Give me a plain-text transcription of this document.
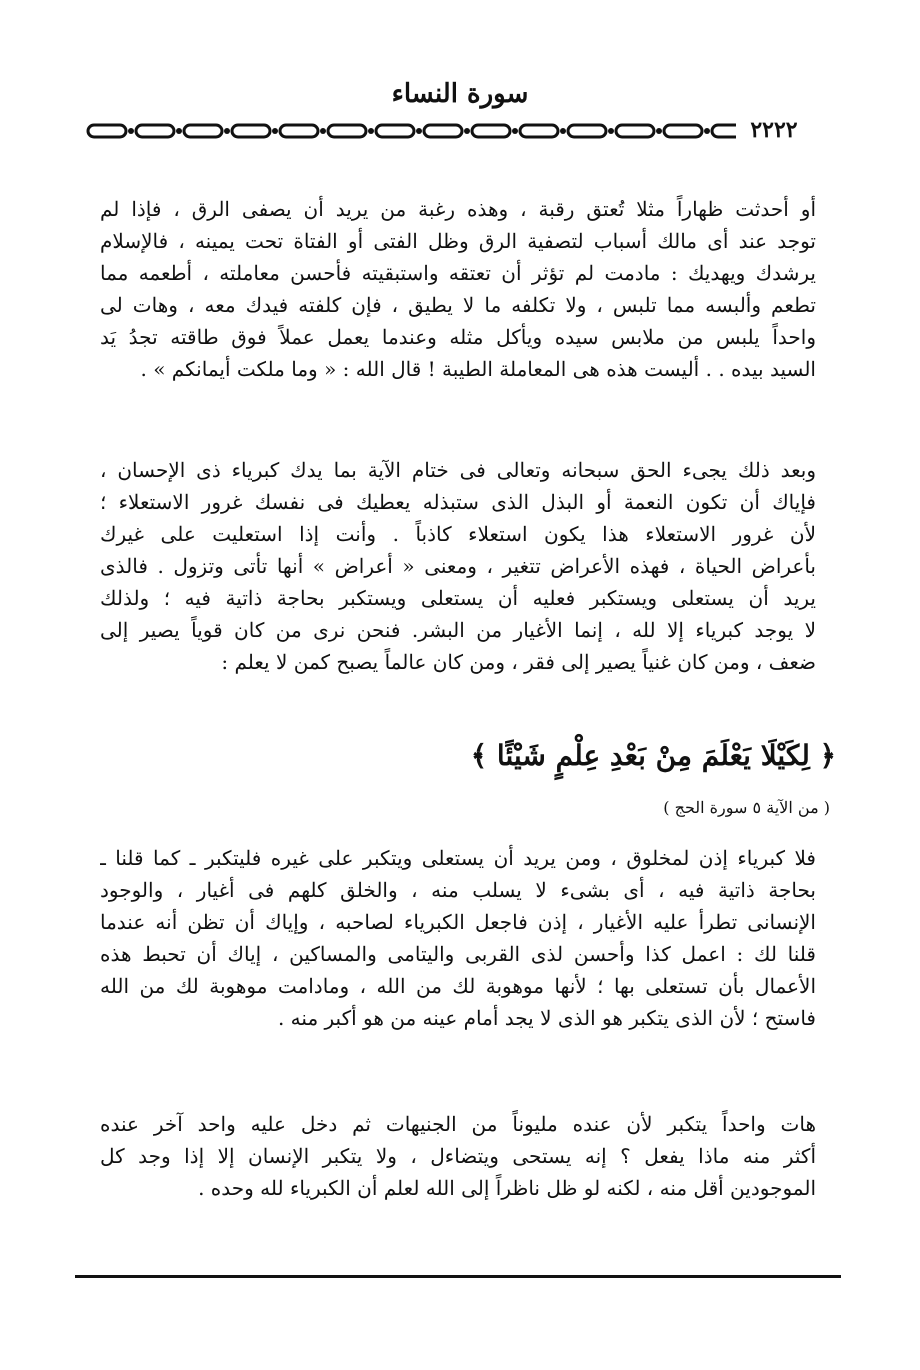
سورة النساء
٢٢٢٢
أو أحدثت ظهاراً مثلا تُعتق رقبة ، وهذه رغبة من يريد أن يصفى الرق ، فإذا لم
توجد عند أى مالك أسباب لتصفية الرق وظل الفتى أو الفتاة تحت يمينه ، فالإسلام
يرشدك ويهديك : مادمت لم تؤثر أن تعتقه واستبقيته فأحسن معاملته ، أطعمه مما
تطعم وألبسه مما تلبس ، ولا تكلفه ما لا يطيق ، فإن كلفته فيدك معه ، وهات لى
واحداً يلبس من ملابس سيده ويأكل مثله وعندما يعمل عملاً فوق طاقته تجدُ يَد
السيد بيده . . أليست هذه هى المعاملة الطيبة ! قال الله : « وما ملكت أيمانكم » .
وبعد ذلك يجىء الحق سبحانه وتعالى فى ختام الآية بما يدك كبرياء ذى الإحسان ،
فإياك أن تكون النعمة أو البذل الذى ستبذله يعطيك فى نفسك غرور الاستعلاء ؛
لأن غرور الاستعلاء هذا يكون استعلاء كاذباً . وأنت إذا استعليت على غيرك
بأعراض الحياة ، فهذه الأعراض تتغير ، ومعنى « أعراض » أنها تأتى وتزول . فالذى
يريد أن يستعلى ويستكبر فعليه أن يستعلى ويستكبر بحاجة ذاتية فيه ؛ ولذلك
لا يوجد كبرياء إلا لله ، إنما الأغيار من البشر. فنحن نرى من كان قوياً يصير إلى
ضعف ، ومن كان غنياً يصير إلى فقر ، ومن كان عالماً يصبح كمن لا يعلم :
﴿ لِكَيْلَا يَعْلَمَ مِنْ بَعْدِ عِلْمٍ شَيْئًا ﴾
( من الآية ٥ سورة الحج )
فلا كبرياء إذن لمخلوق ، ومن يريد أن يستعلى ويتكبر على غيره فليتكبر ـ كما قلنا ـ
بحاجة ذاتية فيه ، أى بشىء لا يسلب منه ، والخلق كلهم فى أغيار ، والوجود
الإنسانى تطرأ عليه الأغيار ، إذن فاجعل الكبرياء لصاحبه ، وإياك أن تظن أنه عندما
قلنا لك : اعمل كذا وأحسن لذى القربى واليتامى والمساكين ، إياك أن تحبط هذه
الأعمال بأن تستعلى بها ؛ لأنها موهوبة لك من الله ، ومادامت موهوبة لك من الله
فاستح ؛ لأن الذى يتكبر هو الذى لا يجد أمام عينه من هو أكبر منه .
هات واحداً يتكبر لأن عنده مليوناً من الجنيهات ثم دخل عليه واحد آخر عنده
أكثر منه ماذا يفعل ؟ إنه يستحى ويتضاءل ، ولا يتكبر الإنسان إلا إذا وجد كل
الموجودين أقل منه ، لكنه لو ظل ناظراً إلى الله لعلم أن الكبرياء لله وحده .
